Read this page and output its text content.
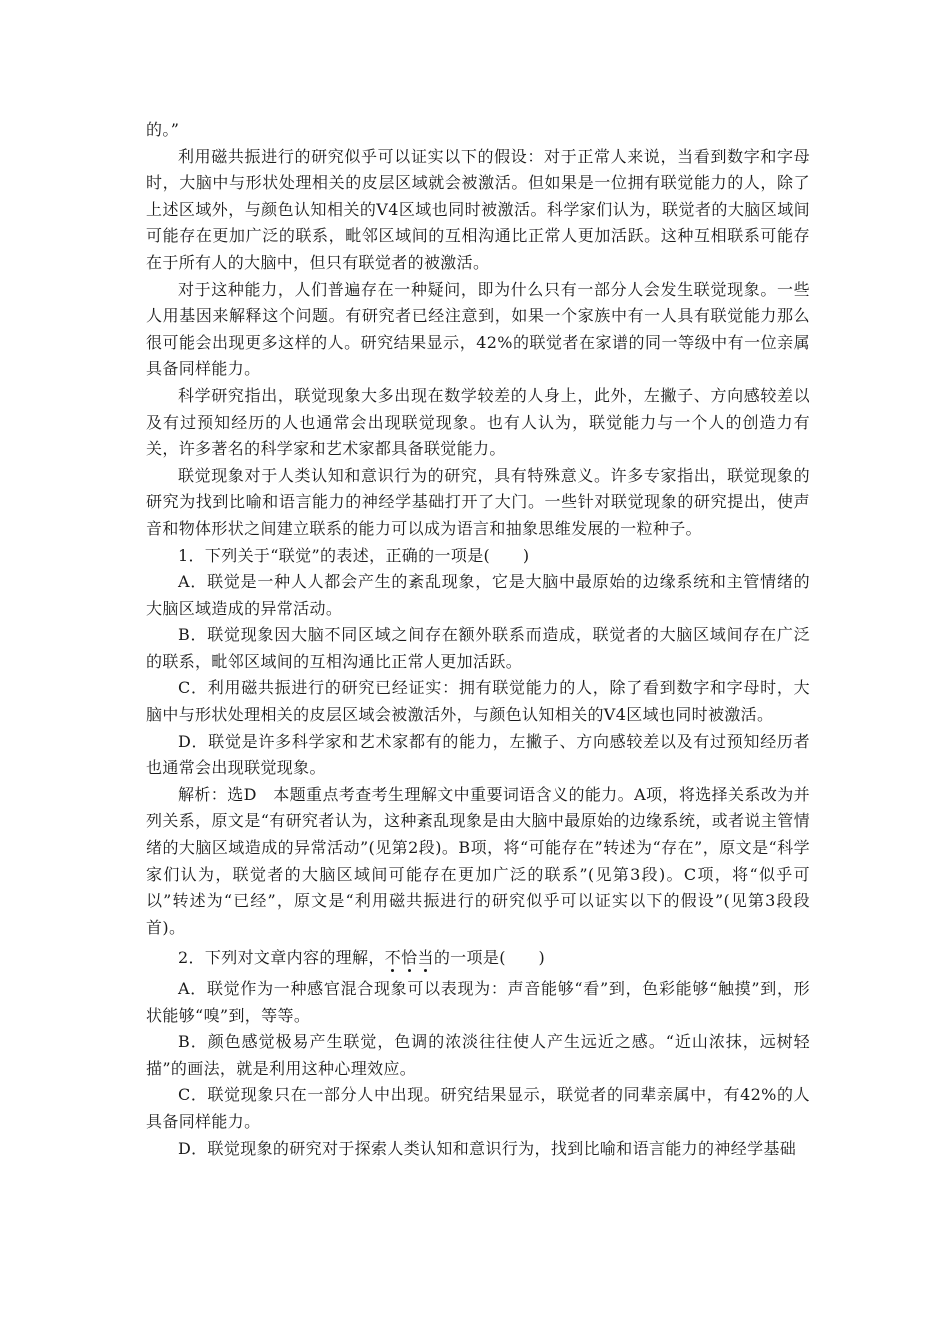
的。”

利用磁共振进行的研究似乎可以证实以下的假设：对于正常人来说，当看到数字和字母时，大脑中与形状处理相关的皮层区域就会被激活。但如果是一位拥有联觉能力的人，除了上述区域外，与颜色认知相关的V4区域也同时被激活。科学家们认为，联觉者的大脑区域间可能存在更加广泛的联系，毗邻区域间的互相沟通比正常人更加活跃。这种互相联系可能存在于所有人的大脑中，但只有联觉者的被激活。

对于这种能力，人们普遍存在一种疑问，即为什么只有一部分人会发生联觉现象。一些人用基因来解释这个问题。有研究者已经注意到，如果一个家族中有一人具有联觉能力那么很可能会出现更多这样的人。研究结果显示，42%的联觉者在家谱的同一等级中有一位亲属具备同样能力。

科学研究指出，联觉现象大多出现在数学较差的人身上，此外，左撇子、方向感较差以及有过预知经历的人也通常会出现联觉现象。也有人认为，联觉能力与一个人的创造力有关，许多著名的科学家和艺术家都具备联觉能力。

联觉现象对于人类认知和意识行为的研究，具有特殊意义。许多专家指出，联觉现象的研究为找到比喻和语言能力的神经学基础打开了大门。一些针对联觉现象的研究提出，使声音和物体形状之间建立联系的能力可以成为语言和抽象思维发展的一粒种子。

1．下列关于“联觉”的表述，正确的一项是(　　)

A．联觉是一种人人都会产生的紊乱现象，它是大脑中最原始的边缘系统和主管情绪的大脑区域造成的异常活动。

B．联觉现象因大脑不同区域之间存在额外联系而造成，联觉者的大脑区域间存在广泛的联系，毗邻区域间的互相沟通比正常人更加活跃。

C．利用磁共振进行的研究已经证实：拥有联觉能力的人，除了看到数字和字母时，大脑中与形状处理相关的皮层区域会被激活外，与颜色认知相关的V4区域也同时被激活。

D．联觉是许多科学家和艺术家都有的能力，左撇子、方向感较差以及有过预知经历者也通常会出现联觉现象。

解析：选D　本题重点考查考生理解文中重要词语含义的能力。A项，将选择关系改为并列关系，原文是“有研究者认为，这种紊乱现象是由大脑中最原始的边缘系统，或者说主管情绪的大脑区域造成的异常活动”(见第2段)。B项，将“可能存在”转述为“存在”，原文是“科学家们认为，联觉者的大脑区域间可能存在更加广泛的联系”(见第3段)。C项，将“似乎可以”转述为“已经”，原文是“利用磁共振进行的研究似乎可以证实以下的假设”(见第3段段首)。

2．下列对文章内容的理解，不恰当的一项是(　　)

A．联觉作为一种感官混合现象可以表现为：声音能够“看”到，色彩能够“触摸”到，形状能够“嗅”到，等等。

B．颜色感觉极易产生联觉，色调的浓淡往往使人产生远近之感。“近山浓抹，远树轻描”的画法，就是利用这种心理效应。

C．联觉现象只在一部分人中出现。研究结果显示，联觉者的同辈亲属中，有42%的人具备同样能力。

D．联觉现象的研究对于探索人类认知和意识行为，找到比喻和语言能力的神经学基础
